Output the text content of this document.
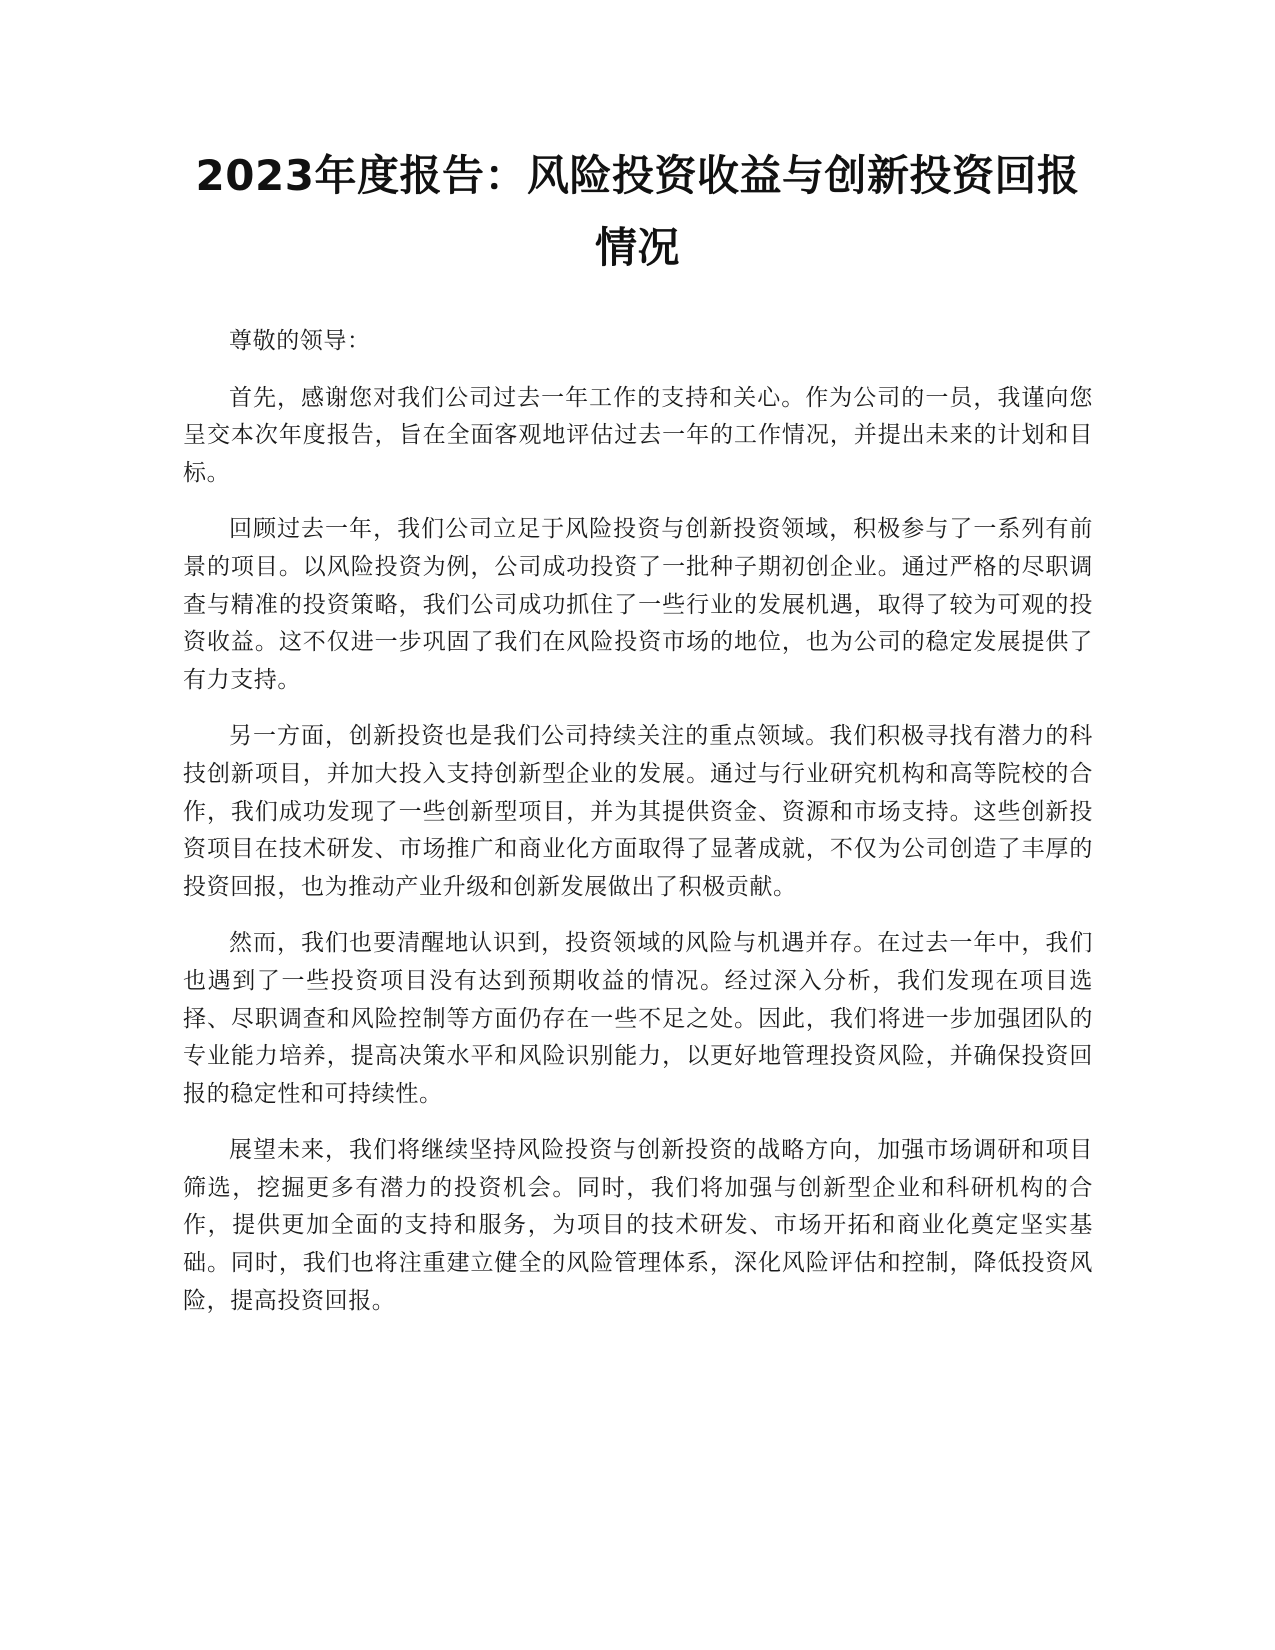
2023年度报告：风险投资收益与创新投资回报情况

尊敬的领导：

首先，感谢您对我们公司过去一年工作的支持和关心。作为公司的一员，我谨向您呈交本次年度报告，旨在全面客观地评估过去一年的工作情况，并提出未来的计划和目标。

回顾过去一年，我们公司立足于风险投资与创新投资领域，积极参与了一系列有前景的项目。以风险投资为例，公司成功投资了一批种子期初创企业。通过严格的尽职调查与精准的投资策略，我们公司成功抓住了一些行业的发展机遇，取得了较为可观的投资收益。这不仅进一步巩固了我们在风险投资市场的地位，也为公司的稳定发展提供了有力支持。

另一方面，创新投资也是我们公司持续关注的重点领域。我们积极寻找有潜力的科技创新项目，并加大投入支持创新型企业的发展。通过与行业研究机构和高等院校的合作，我们成功发现了一些创新型项目，并为其提供资金、资源和市场支持。这些创新投资项目在技术研发、市场推广和商业化方面取得了显著成就，不仅为公司创造了丰厚的投资回报，也为推动产业升级和创新发展做出了积极贡献。

然而，我们也要清醒地认识到，投资领域的风险与机遇并存。在过去一年中，我们也遇到了一些投资项目没有达到预期收益的情况。经过深入分析，我们发现在项目选择、尽职调查和风险控制等方面仍存在一些不足之处。因此，我们将进一步加强团队的专业能力培养，提高决策水平和风险识别能力，以更好地管理投资风险，并确保投资回报的稳定性和可持续性。

展望未来，我们将继续坚持风险投资与创新投资的战略方向，加强市场调研和项目筛选，挖掘更多有潜力的投资机会。同时，我们将加强与创新型企业和科研机构的合作，提供更加全面的支持和服务，为项目的技术研发、市场开拓和商业化奠定坚实基础。同时，我们也将注重建立健全的风险管理体系，深化风险评估和控制，降低投资风险，提高投资回报。
